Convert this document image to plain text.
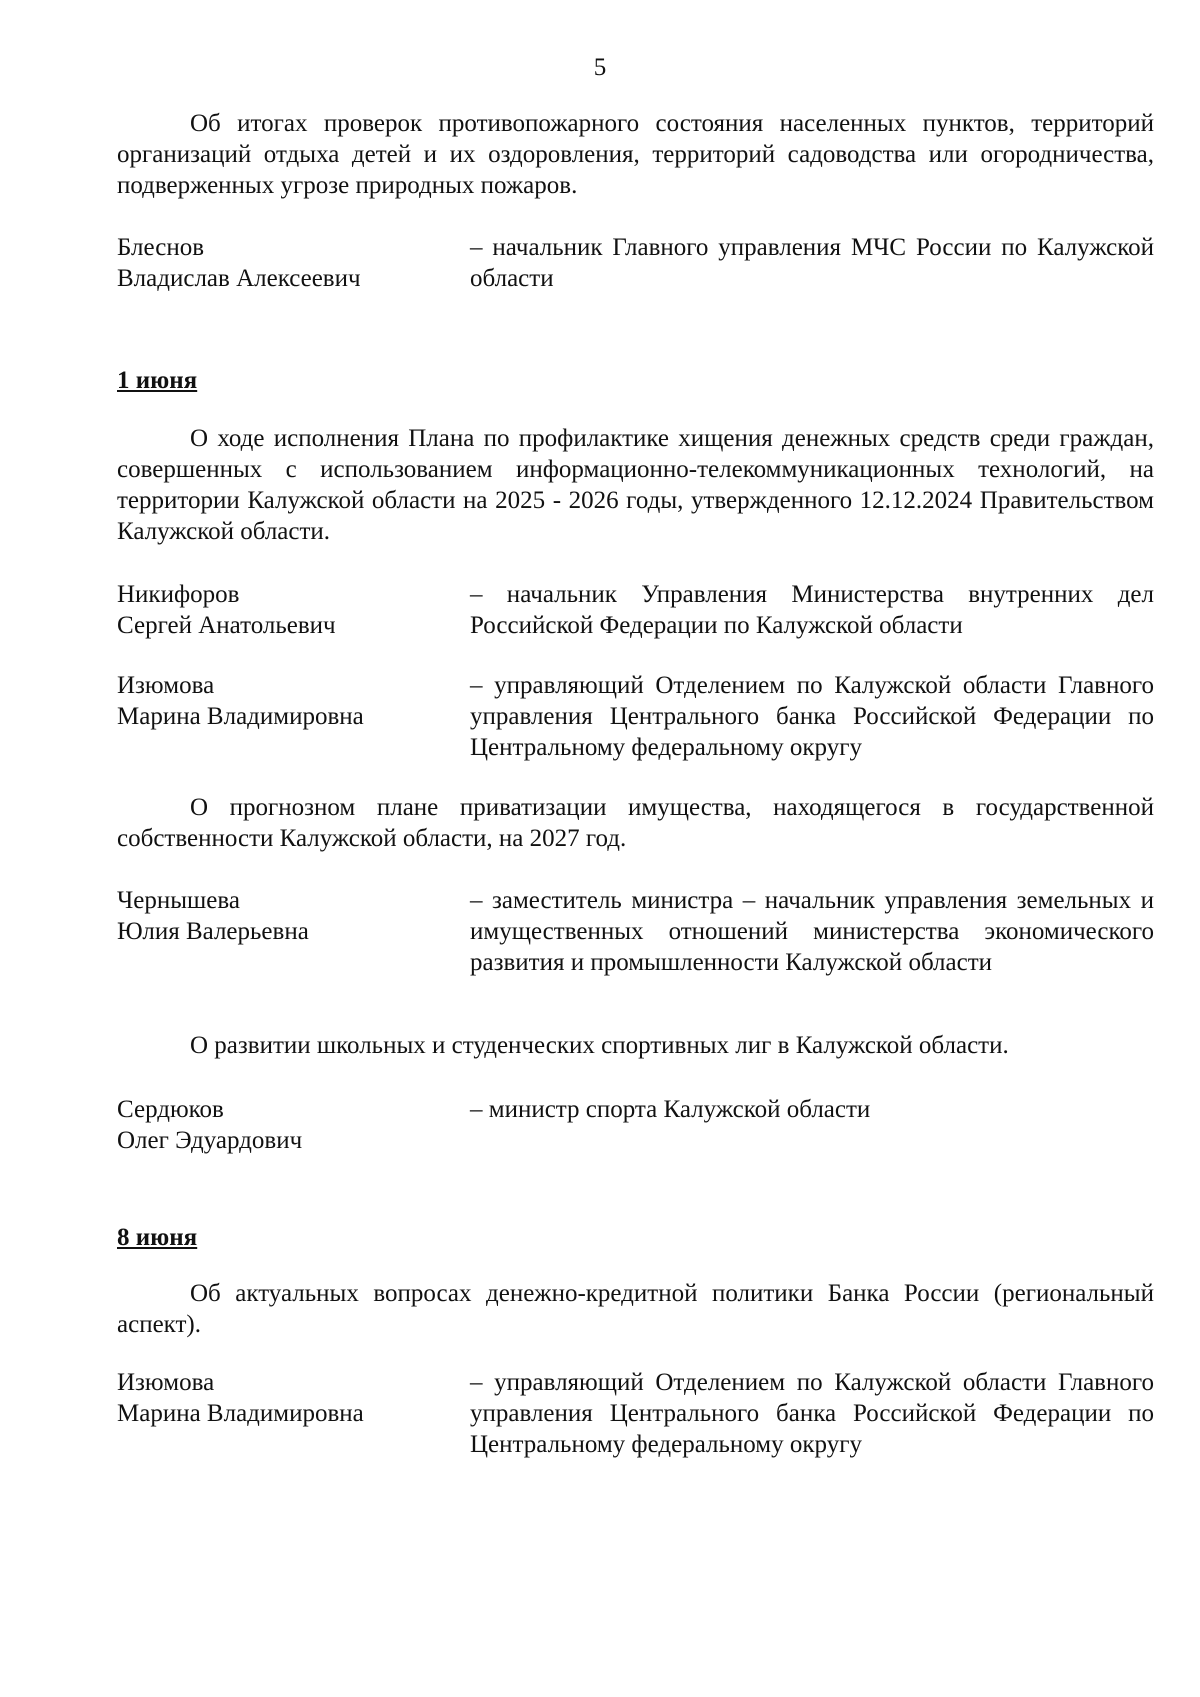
5

Об итогах проверок противопожарного состояния населенных пунктов, территорий организаций отдыха детей и их оздоровления, территорий садоводства или огородничества, подверженных угрозе природных пожаров.

Блеснов
Владислав Алексеевич
– начальник Главного управления МЧС России по Калужской области

1 июня

О ходе исполнения Плана по профилактике хищения денежных средств среди граждан, совершенных с использованием информационно-телекоммуникационных технологий, на территории Калужской области на 2025 - 2026 годы, утвержденного 12.12.2024 Правительством Калужской области.

Никифоров
Сергей Анатольевич
– начальник Управления Министерства внутренних дел Российской Федерации по Калужской области
Изюмова
Марина Владимировна
– управляющий Отделением по Калужской области Главного управления Центрального банка Российской Федерации по Центральному федеральному округу

О прогнозном плане приватизации имущества, находящегося в государственной собственности Калужской области, на 2027 год.

Чернышева
Юлия Валерьевна
– заместитель министра – начальник управления земельных и имущественных отношений министерства экономического развития и промышленности Калужской области

О развитии школьных и студенческих спортивных лиг в Калужской области.

Сердюков
Олег Эдуардович
– министр спорта Калужской области

8 июня

Об актуальных вопросах денежно-кредитной политики Банка России (региональный аспект).

Изюмова
Марина Владимировна
– управляющий Отделением по Калужской области Главного управления Центрального банка Российской Федерации по Центральному федеральному округу
